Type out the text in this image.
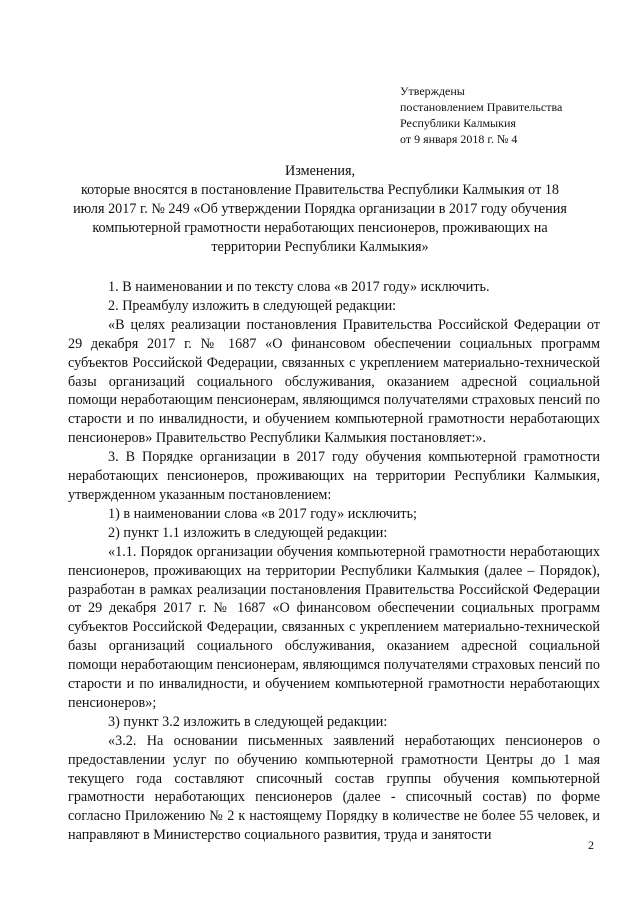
Утверждены
постановлением Правительства
Республики Калмыкия
от 9 января 2018 г. № 4
Изменения,
которые вносятся в постановление Правительства Республики Калмыкия от 18 июля 2017 г. № 249 «Об утверждении Порядка организации в 2017 году обучения компьютерной грамотности неработающих пенсионеров, проживающих на территории Республики Калмыкия»

1. В наименовании и по тексту слова «в 2017 году» исключить.

2. Преамбулу изложить в следующей редакции:

«В целях реализации постановления Правительства Российской Федерации от 29 декабря 2017 г. № 1687 «О финансовом обеспечении социальных программ субъектов Российской Федерации, связанных с укреплением материально-технической базы организаций социального обслуживания, оказанием адресной социальной помощи неработающим пенсионерам, являющимся получателями страховых пенсий по старости и по инвалидности, и обучением компьютерной грамотности неработающих пенсионеров» Правительство Республики Калмыкия постановляет:».

3. В Порядке организации в 2017 году обучения компьютерной грамотности неработающих пенсионеров, проживающих на территории Республики Калмыкия, утвержденном указанным постановлением:

1) в наименовании слова «в 2017 году» исключить;

2) пункт 1.1 изложить в следующей редакции:

«1.1. Порядок организации обучения компьютерной грамотности неработающих пенсионеров, проживающих на территории Республики Калмыкия (далее – Порядок), разработан в рамках реализации постановления Правительства Российской Федерации от 29 декабря 2017 г. № 1687 «О финансовом обеспечении социальных программ субъектов Российской Федерации, связанных с укреплением материально-технической базы организаций социального обслуживания, оказанием адресной социальной помощи неработающим пенсионерам, являющимся получателями страховых пенсий по старости и по инвалидности, и обучением компьютерной грамотности неработающих пенсионеров»;

3) пункт 3.2 изложить в следующей редакции:

«3.2. На основании письменных заявлений неработающих пенсионеров о предоставлении услуг по обучению компьютерной грамотности Центры до 1 мая текущего года составляют списочный состав группы обучения компьютерной грамотности неработающих пенсионеров (далее - списочный состав) по форме согласно Приложению № 2 к настоящему Порядку в количестве не более 55 человек, и направляют в Министерство социального развития, труда и занятости

2
